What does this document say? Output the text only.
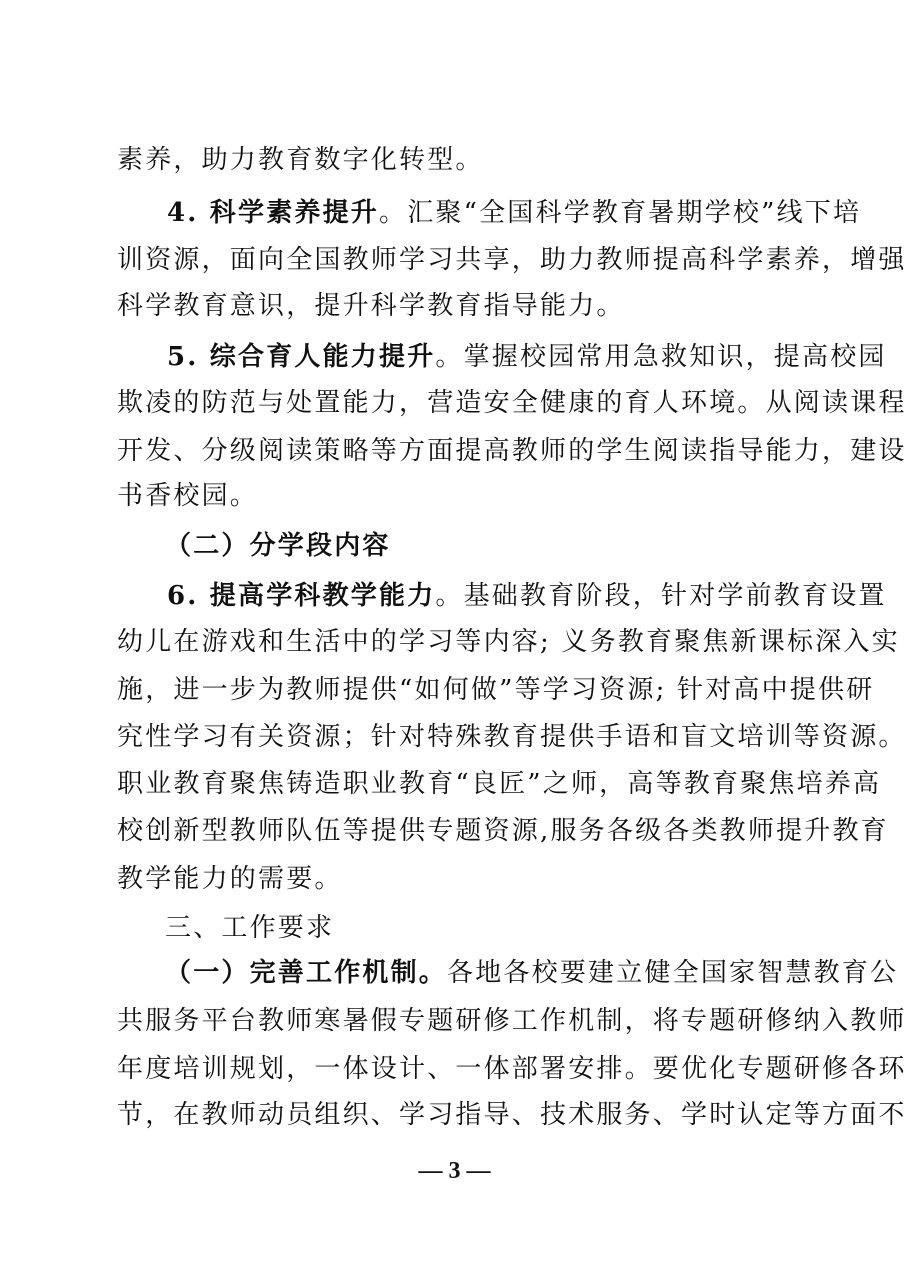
素养，助力教育数字化转型。
4. 科学素养提升。汇聚“全国科学教育暑期学校”线下培
训资源，面向全国教师学习共享，助力教师提高科学素养，增强
科学教育意识，提升科学教育指导能力。
5. 综合育人能力提升。掌握校园常用急救知识，提高校园
欺凌的防范与处置能力，营造安全健康的育人环境。从阅读课程
开发、分级阅读策略等方面提高教师的学生阅读指导能力，建设
书香校园。
（二）分学段内容
6. 提高学科教学能力。基础教育阶段，针对学前教育设置
幼儿在游戏和生活中的学习等内容; 义务教育聚焦新课标深入实
施，进一步为教师提供“如何做”等学习资源; 针对高中提供研
究性学习有关资源；针对特殊教育提供手语和盲文培训等资源。
职业教育聚焦铸造职业教育“良匠”之师，高等教育聚焦培养高
校创新型教师队伍等提供专题资源,服务各级各类教师提升教育
教学能力的需要。
三、工作要求
（一）完善工作机制。各地各校要建立健全国家智慧教育公
共服务平台教师寒暑假专题研修工作机制，将专题研修纳入教师
年度培训规划，一体设计、一体部署安排。要优化专题研修各环
节，在教师动员组织、学习指导、技术服务、学时认定等方面不
— 3 —
